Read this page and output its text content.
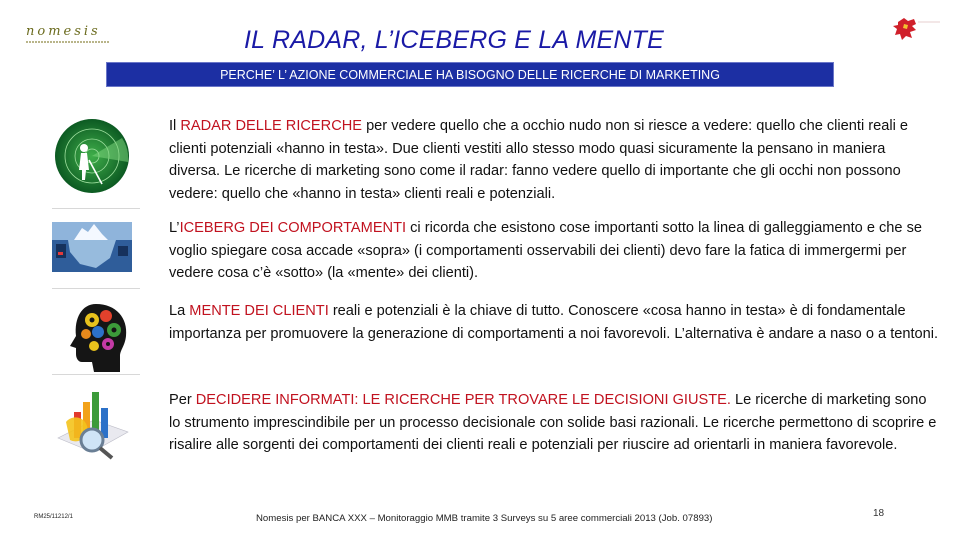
nomesis	IL RADAR, L’ICEBERG E LA MENTE
PERCHE’ L’ AZIONE COMMERCIALE HA BISOGNO DELLE RICERCHE DI MARKETING
Il RADAR DELLE RICERCHE per vedere quello che a occhio nudo non si riesce a vedere: quello che clienti reali e clienti potenziali «hanno in testa». Due clienti vestiti allo stesso modo quasi sicuramente la pensano in maniera diversa. Le ricerche di marketing sono come il radar: fanno vedere quello di importante che gli occhi non possono vedere: quello che «hanno in testa» clienti reali e potenziali.
L’ICEBERG DEI COMPORTAMENTI ci ricorda che esistono cose importanti sotto la linea di galleggiamento e che se voglio spiegare cosa accade «sopra» (i comportamenti osservabili dei clienti) devo fare la fatica di immergermi per vedere cosa c’è «sotto» (la «mente» dei clienti).
La MENTE DEI CLIENTI reali e potenziali è la chiave di tutto. Conoscere «cosa hanno in testa» è di fondamentale importanza per promuovere la generazione di comportamenti a noi favorevoli. L’alternativa è andare a naso o a tentoni.
Per DECIDERE INFORMATI: LE RICERCHE PER TROVARE LE DECISIONI GIUSTE. Le ricerche di marketing sono lo strumento imprescindibile per un processo decisionale con solide basi razionali. Le ricerche permettono di scoprire e risalire alle sorgenti dei comportamenti dei clienti reali e potenziali per riuscire ad orientarli in maniera favorevole.
RM25/11212/1	Nomesis per BANCA XXX – Monitoraggio MMB tramite 3 Surveys su 5 aree commerciali 2013 (Job. 07893)	18
